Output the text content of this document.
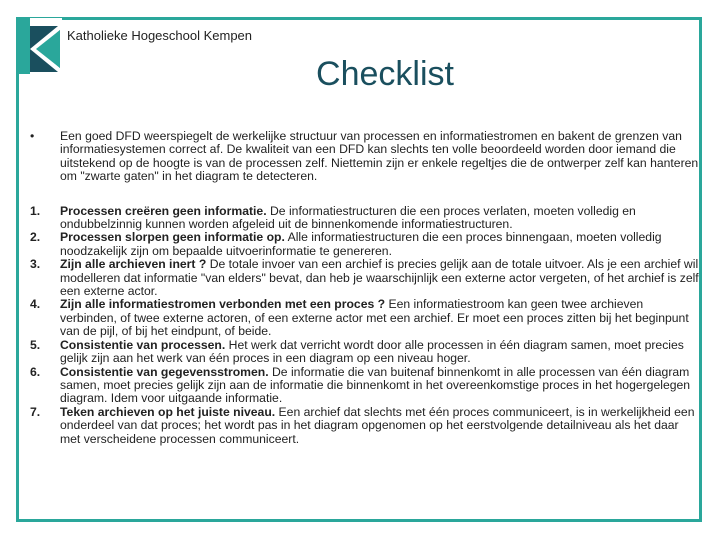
Katholieke Hogeschool Kempen
Checklist
•	Een goed DFD weerspiegelt de werkelijke structuur van processen en informatiestromen en bakent de grenzen van informatiesystemen correct af. De kwaliteit van een DFD kan slechts ten volle beoordeeld worden door iemand die uitstekend op de hoogte is van de processen zelf. Niettemin zijn er enkele regeltjes die de ontwerper zelf kan hanteren om "zwarte gaten" in het diagram te detecteren.
1.	Processen creëren geen informatie. De informatiestructuren die een proces verlaten, moeten volledig en ondubbelzinnig kunnen worden afgeleid uit de binnenkomende informatiestructuren.
2.	Processen slorpen geen informatie op. Alle informatiestructuren die een proces binnengaan, moeten volledig noodzakelijk zijn om bepaalde uitvoerinformatie te genereren.
3.	Zijn alle archieven inert ? De totale invoer van een archief is precies gelijk aan de totale uitvoer. Als je een archief wil modelleren dat informatie "van elders" bevat, dan heb je waarschijnlijk een externe actor vergeten, of het archief is zelf een externe actor.
4.	Zijn alle informatiestromen verbonden met een proces ? Een informatiestroom kan geen twee archieven verbinden, of twee externe actoren, of een externe actor met een archief. Er moet een proces zitten bij het beginpunt van de pijl, of bij het eindpunt, of beide.
5.	Consistentie van processen. Het werk dat verricht wordt door alle processen in één diagram samen, moet precies gelijk zijn aan het werk van één proces in een diagram op een niveau hoger.
6.	Consistentie van gegevensstromen. De informatie die van buitenaf binnenkomt in alle processen van één diagram samen, moet precies gelijk zijn aan de informatie die binnenkomt in het overeenkomstige proces in het hogergelegen diagram. Idem voor uitgaande informatie.
7.	Teken archieven op het juiste niveau. Een archief dat slechts met één proces communiceert, is in werkelijkheid een onderdeel van dat proces; het wordt pas in het diagram opgenomen op het eerstvolgende detailniveau als het daar met verscheidene processen communiceert.
